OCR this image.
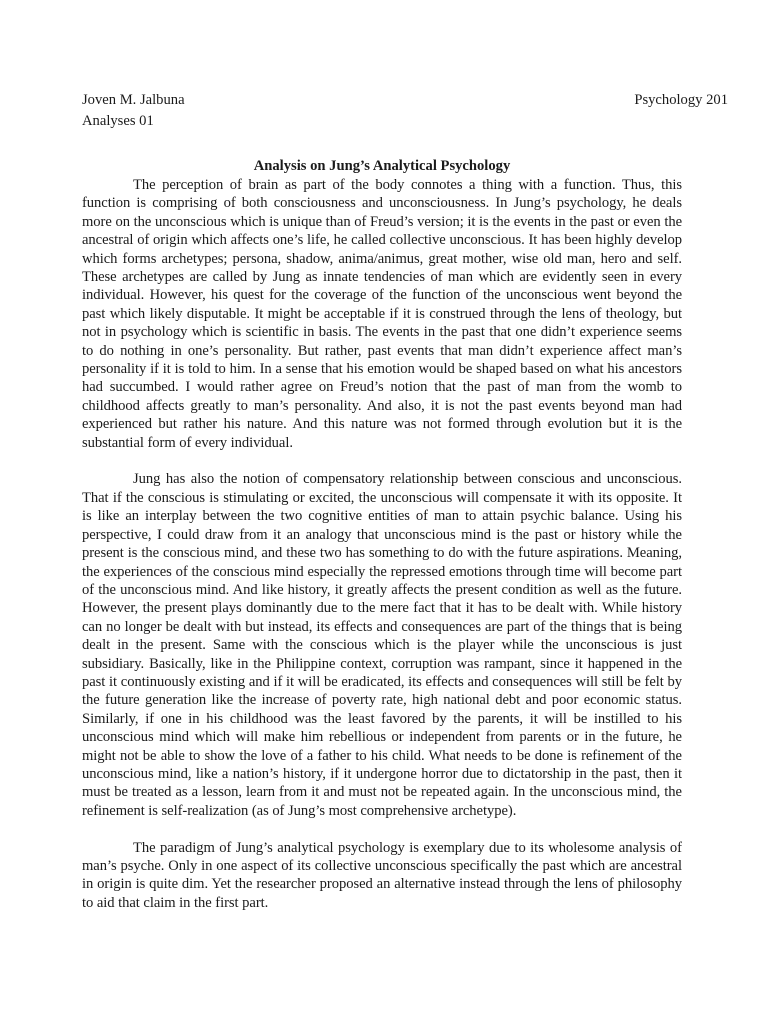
Joven M. Jalbuna	Psychology 201
Analyses 01
Analysis on Jung’s Analytical Psychology

The perception of brain as part of the body connotes a thing with a function. Thus, this function is comprising of both consciousness and unconsciousness. In Jung’s psychology, he deals more on the unconscious which is unique than of Freud’s version; it is the events in the past or even the ancestral of origin which affects one’s life, he called collective unconscious. It has been highly develop which forms archetypes; persona, shadow, anima/animus, great mother, wise old man, hero and self. These archetypes are called by Jung as innate tendencies of man which are evidently seen in every individual. However, his quest for the coverage of the function of the unconscious went beyond the past which likely disputable. It might be acceptable if it is construed through the lens of theology, but not in psychology which is scientific in basis. The events in the past that one didn’t experience seems to do nothing in one’s personality. But rather, past events that man didn’t experience affect man’s personality if it is told to him. In a sense that his emotion would be shaped based on what his ancestors had succumbed. I would rather agree on Freud’s notion that the past of man from the womb to childhood affects greatly to man’s personality. And also, it is not the past events beyond man had experienced but rather his nature. And this nature was not formed through evolution but it is the substantial form of every individual.

Jung has also the notion of compensatory relationship between conscious and unconscious. That if the conscious is stimulating or excited, the unconscious will compensate it with its opposite. It is like an interplay between the two cognitive entities of man to attain psychic balance. Using his perspective, I could draw from it an analogy that unconscious mind is the past or history while the present is the conscious mind, and these two has something to do with the future aspirations. Meaning, the experiences of the conscious mind especially the repressed emotions through time will become part of the unconscious mind. And like history, it greatly affects the present condition as well as the future. However, the present plays dominantly due to the mere fact that it has to be dealt with. While history can no longer be dealt with but instead, its effects and consequences are part of the things that is being dealt in the present. Same with the conscious which is the player while the unconscious is just subsidiary. Basically, like in the Philippine context, corruption was rampant, since it happened in the past it continuously existing and if it will be eradicated, its effects and consequences will still be felt by the future generation like the increase of poverty rate, high national debt and poor economic status. Similarly, if one in his childhood was the least favored by the parents, it will be instilled to his unconscious mind which will make him rebellious or independent from parents or in the future, he might not be able to show the love of a father to his child. What needs to be done is refinement of the unconscious mind, like a nation’s history, if it undergone horror due to dictatorship in the past, then it must be treated as a lesson, learn from it and must not be repeated again. In the unconscious mind, the refinement is self-realization (as of Jung’s most comprehensive archetype).

The paradigm of Jung’s analytical psychology is exemplary due to its wholesome analysis of man’s psyche. Only in one aspect of its collective unconscious specifically the past which are ancestral in origin is quite dim. Yet the researcher proposed an alternative instead through the lens of philosophy to aid that claim in the first part.
